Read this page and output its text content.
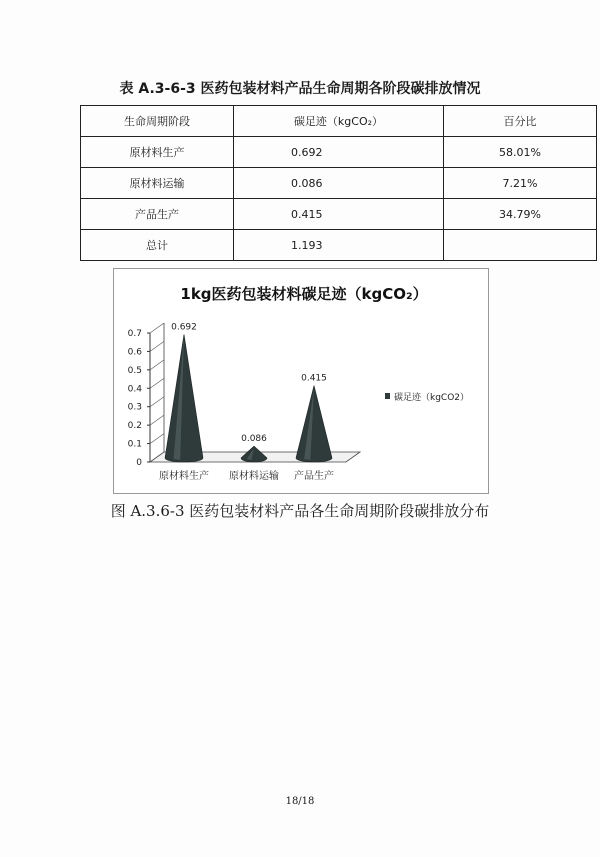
表 A.3-6-3 医药包装材料产品生命周期各阶段碳排放情况
生命周期阶段	碳足迹（kgCO₂）	百分比
原材料生产	0.692	58.01%
原材料运输	0.086	7.21%
产品生产	0.415	34.79%
总计	1.193	
1kg医药包装材料碳足迹（kgCO₂）
0
0.1
0.2
0.3
0.4
0.5
0.6
0.7
0.692
原材料生产
0.086
原材料运输
0.415
产品生产
碳足迹（kgCO2）
图 A.3.6-3 医药包装材料产品各生命周期阶段碳排放分布
18/18
